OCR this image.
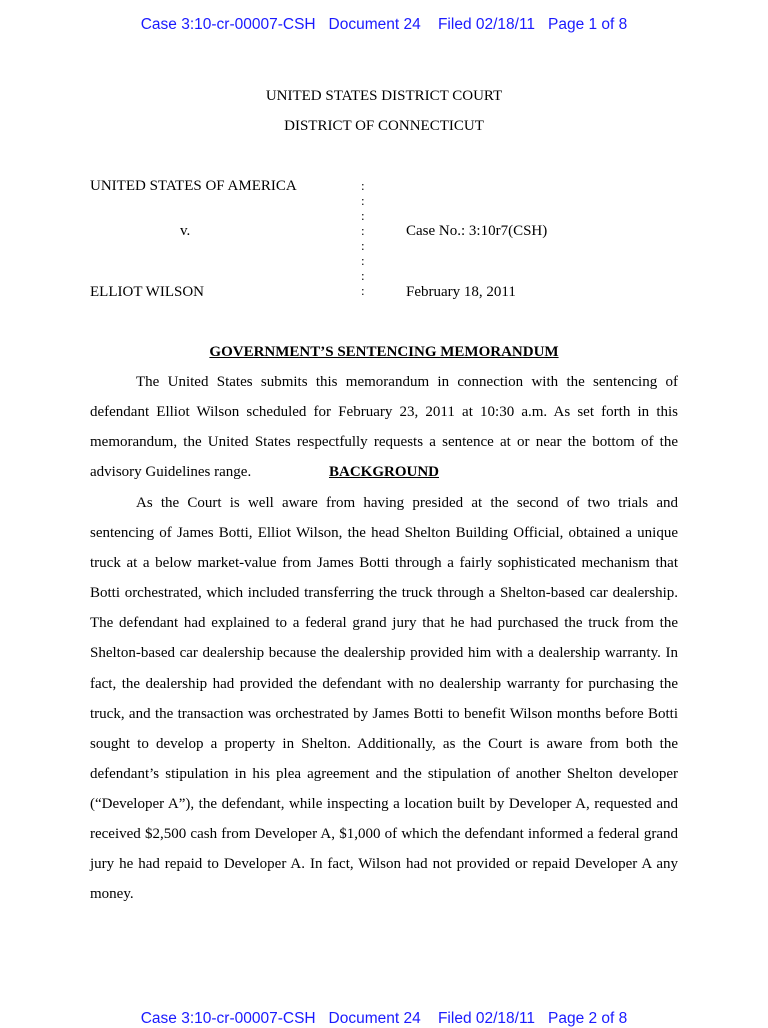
Case 3:10-cr-00007-CSH Document 24 Filed 02/18/11 Page 1 of 8
UNITED STATES DISTRICT COURT
DISTRICT OF CONNECTICUT
UNITED STATES OF AMERICA
v.
ELLIOT WILSON
:
:
:
:
:
:
:
:
Case No.: 3:10r7(CSH)
February 18, 2011
GOVERNMENT’S SENTENCING MEMORANDUM

The United States submits this memorandum in connection with the sentencing of defendant Elliot Wilson scheduled for February 23, 2011 at 10:30 a.m. As set forth in this memorandum, the United States respectfully requests a sentence at or near the bottom of the advisory Guidelines range.	BACKGROUND

As the Court is well aware from having presided at the second of two trials and sentencing of James Botti, Elliot Wilson, the head Shelton Building Official, obtained a unique truck at a below market-value from James Botti through a fairly sophisticated mechanism that Botti orchestrated, which included transferring the truck through a Shelton-based car dealership. The defendant had explained to a federal grand jury that he had purchased the truck from the Shelton-based car dealership because the dealership provided him with a dealership warranty. In fact, the dealership had provided the defendant with no dealership warranty for purchasing the truck, and the transaction was orchestrated by James Botti to benefit Wilson months before Botti sought to develop a property in Shelton. Additionally, as the Court is aware from both the defendant’s stipulation in his plea agreement and the stipulation of another Shelton developer (“Developer A”), the defendant, while inspecting a location built by Developer A, requested and received $2,500 cash from Developer A, $1,000 of which the defendant informed a federal grand jury he had repaid to Developer A. In fact, Wilson had not provided or repaid Developer A any money.

Case 3:10-cr-00007-CSH Document 24 Filed 02/18/11 Page 2 of 8
